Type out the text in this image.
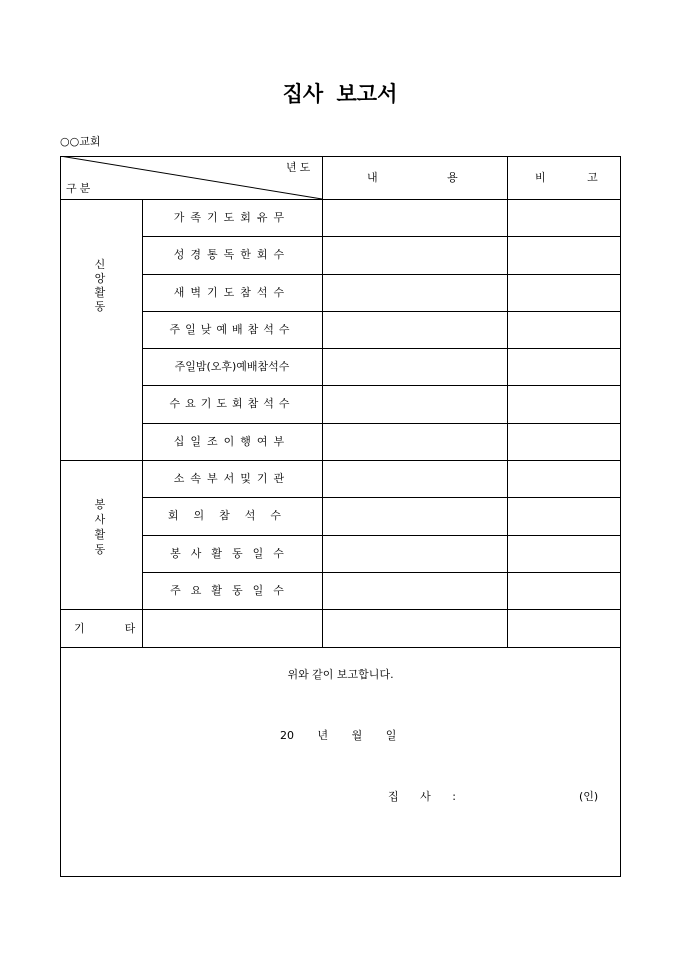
집사 보고서
○○교회
년도
구분
내 용	비 고
신앙활동
가족기도회유무
성경통독한회수
새벽기도참석수
주일낮예배참석수
주일밤(오후)예배참석수
수요기도회참석수
십일조이행여부
봉사활동
소속부서및기관
회의참석수
봉사활동일수
주요활동일수
기타
위와 같이 보고합니다.
20 년 월 일
집 사 :	(인)
